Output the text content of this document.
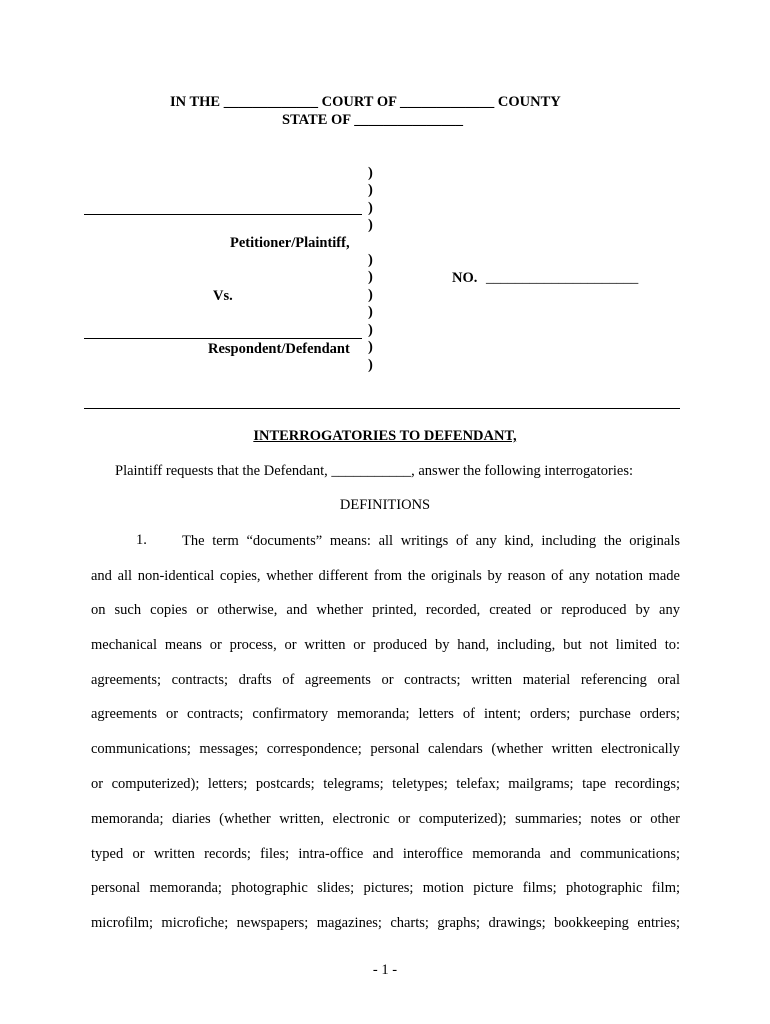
IN THE _____________ COURT OF _____________ COUNTY
STATE OF _______________
Petitioner/Plaintiff,
Vs.
Respondent/Defendant
)
)
)
)
)
)
)
)
)
)
)
NO. _____________________
INTERROGATORIES TO DEFENDANT,
Plaintiff requests that the Defendant, ___________, answer the following interrogatories:
DEFINITIONS
1. The term “documents” means: all writings of any kind, including the originals
and all non-identical copies, whether different from the originals by reason of any notation made
on such copies or otherwise, and whether printed, recorded, created or reproduced by any
mechanical means or process, or written or produced by hand, including, but not limited to:
agreements; contracts; drafts of agreements or contracts; written material referencing oral
agreements or contracts; confirmatory memoranda; letters of intent; orders; purchase orders;
communications; messages; correspondence; personal calendars (whether written electronically
or computerized); letters; postcards; telegrams; teletypes; telefax; mailgrams; tape recordings;
memoranda; diaries (whether written, electronic or computerized); summaries; notes or other
typed or written records; files; intra-office and interoffice memoranda and communications;
personal memoranda; photographic slides; pictures; motion picture films; photographic film;
microfilm; microfiche; newspapers; magazines; charts; graphs; drawings; bookkeeping entries;
- 1 -
